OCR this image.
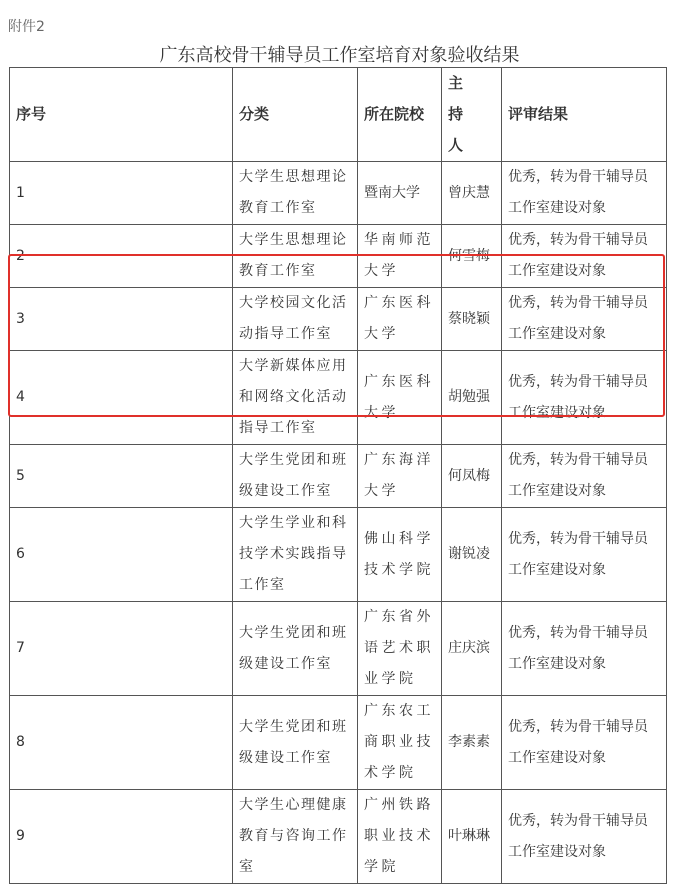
附件2
广东高校骨干辅导员工作室培育对象验收结果
序号	分类	所在院校	主 持 人	评审结果
1	大学生思想理论教育工作室	暨南大学	曾庆慧	优秀，转为骨干辅导员工作室建设对象
2	大学生思想理论教育工作室	华南师范大学	何雪梅	优秀，转为骨干辅导员工作室建设对象
3	大学校园文化活动指导工作室	广东医科大学	蔡晓颖	优秀，转为骨干辅导员工作室建设对象
4	大学新媒体应用和网络文化活动指导工作室	广东医科大学	胡勉强	优秀，转为骨干辅导员工作室建设对象
5	大学生党团和班级建设工作室	广东海洋大学	何凤梅	优秀，转为骨干辅导员工作室建设对象
6	大学生学业和科技学术实践指导工作室	佛山科学技术学院	谢锐凌	优秀，转为骨干辅导员工作室建设对象
7	大学生党团和班级建设工作室	广东省外语艺术职业学院	庄庆滨	优秀，转为骨干辅导员工作室建设对象
8	大学生党团和班级建设工作室	广东农工商职业技术学院	李素素	优秀，转为骨干辅导员工作室建设对象
9	大学生心理健康教育与咨询工作室	广州铁路职业技术学院	叶琳琳	优秀，转为骨干辅导员工作室建设对象
